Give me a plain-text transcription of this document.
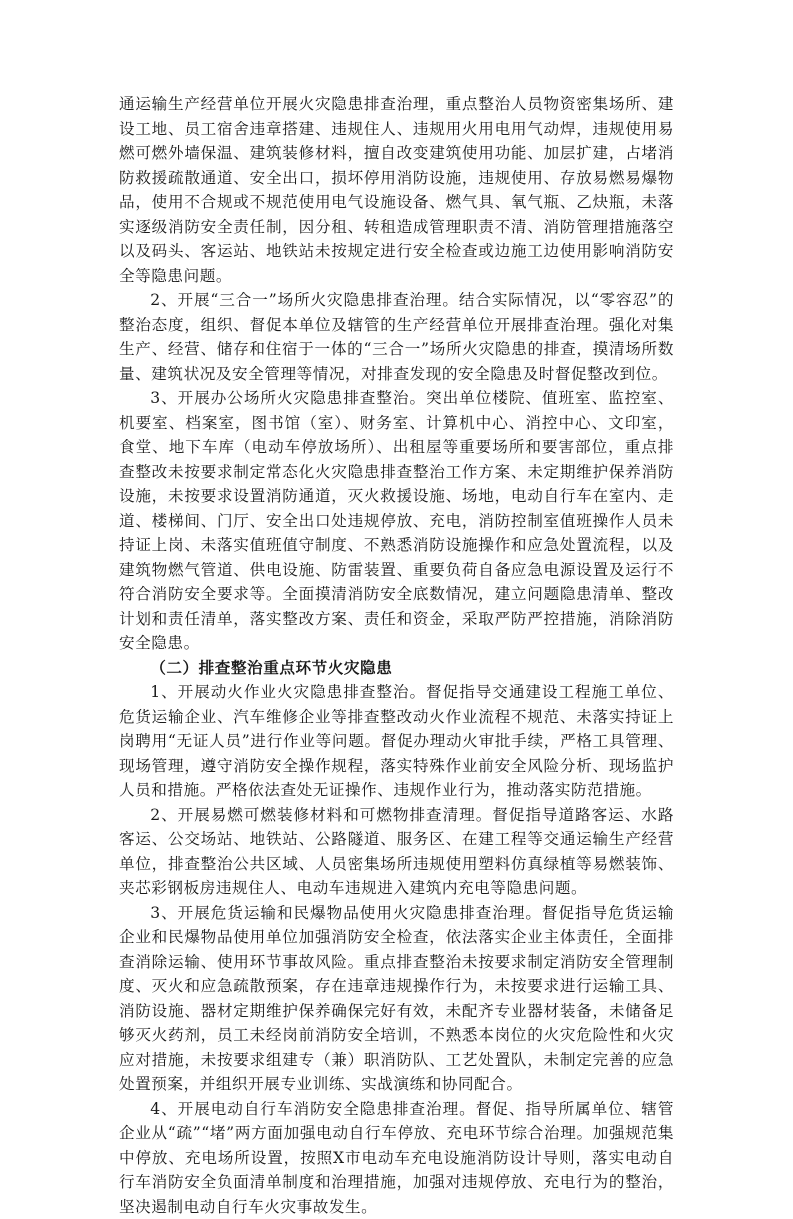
通运输生产经营单位开展火灾隐患排查治理，重点整治人员物资密集场所、建设工地、员工宿舍违章搭建、违规住人、违规用火用电用气动焊，违规使用易燃可燃外墙保温、建筑装修材料，擅自改变建筑使用功能、加层扩建，占堵消防救援疏散通道、安全出口，损坏停用消防设施，违规使用、存放易燃易爆物品，使用不合规或不规范使用电气设施设备、燃气具、氧气瓶、乙炔瓶，未落实逐级消防安全责任制，因分租、转租造成管理职责不清、消防管理措施落空以及码头、客运站、地铁站未按规定进行安全检查或边施工边使用影响消防安全等隐患问题。

2、开展“三合一”场所火灾隐患排查治理。结合实际情况，以“零容忍”的整治态度，组织、督促本单位及辖管的生产经营单位开展排查治理。强化对集生产、经营、储存和住宿于一体的“三合一”场所火灾隐患的排查，摸清场所数量、建筑状况及安全管理等情况，对排查发现的安全隐患及时督促整改到位。

3、开展办公场所火灾隐患排查整治。突出单位楼院、值班室、监控室、机要室、档案室，图书馆（室）、财务室、计算机中心、消控中心、文印室，食堂、地下车库（电动车停放场所）、出租屋等重要场所和要害部位，重点排查整改未按要求制定常态化火灾隐患排查整治工作方案、未定期维护保养消防设施，未按要求设置消防通道，灭火救援设施、场地，电动自行车在室内、走道、楼梯间、门厅、安全出口处违规停放、充电，消防控制室值班操作人员未持证上岗、未落实值班值守制度、不熟悉消防设施操作和应急处置流程，以及建筑物燃气管道、供电设施、防雷装置、重要负荷自备应急电源设置及运行不符合消防安全要求等。全面摸清消防安全底数情况，建立问题隐患清单、整改计划和责任清单，落实整改方案、责任和资金，采取严防严控措施，消除消防安全隐患。

（二）排查整治重点环节火灾隐患

1、开展动火作业火灾隐患排查整治。督促指导交通建设工程施工单位、危货运输企业、汽车维修企业等排查整改动火作业流程不规范、未落实持证上岗聘用“无证人员”进行作业等问题。督促办理动火审批手续，严格工具管理、现场管理，遵守消防安全操作规程，落实特殊作业前安全风险分析、现场监护人员和措施。严格依法查处无证操作、违规作业行为，推动落实防范措施。

2、开展易燃可燃装修材料和可燃物排查清理。督促指导道路客运、水路客运、公交场站、地铁站、公路隧道、服务区、在建工程等交通运输生产经营单位，排查整治公共区域、人员密集场所违规使用塑料仿真绿植等易燃装饰、夹芯彩钢板房违规住人、电动车违规进入建筑内充电等隐患问题。

3、开展危货运输和民爆物品使用火灾隐患排查治理。督促指导危货运输企业和民爆物品使用单位加强消防安全检查，依法落实企业主体责任，全面排查消除运输、使用环节事故风险。重点排查整治未按要求制定消防安全管理制度、灭火和应急疏散预案，存在违章违规操作行为，未按要求进行运输工具、消防设施、器材定期维护保养确保完好有效，未配齐专业器材装备，未储备足够灭火药剂，员工未经岗前消防安全培训，不熟悉本岗位的火灾危险性和火灾应对措施，未按要求组建专（兼）职消防队、工艺处置队，未制定完善的应急处置预案，并组织开展专业训练、实战演练和协同配合。

4、开展电动自行车消防安全隐患排查治理。督促、指导所属单位、辖管企业从“疏”“堵”两方面加强电动自行车停放、充电环节综合治理。加强规范集中停放、充电场所设置，按照X市电动车充电设施消防设计导则，落实电动自行车消防安全负面清单制度和治理措施，加强对违规停放、充电行为的整治，坚决遏制电动自行车火灾事故发生。
